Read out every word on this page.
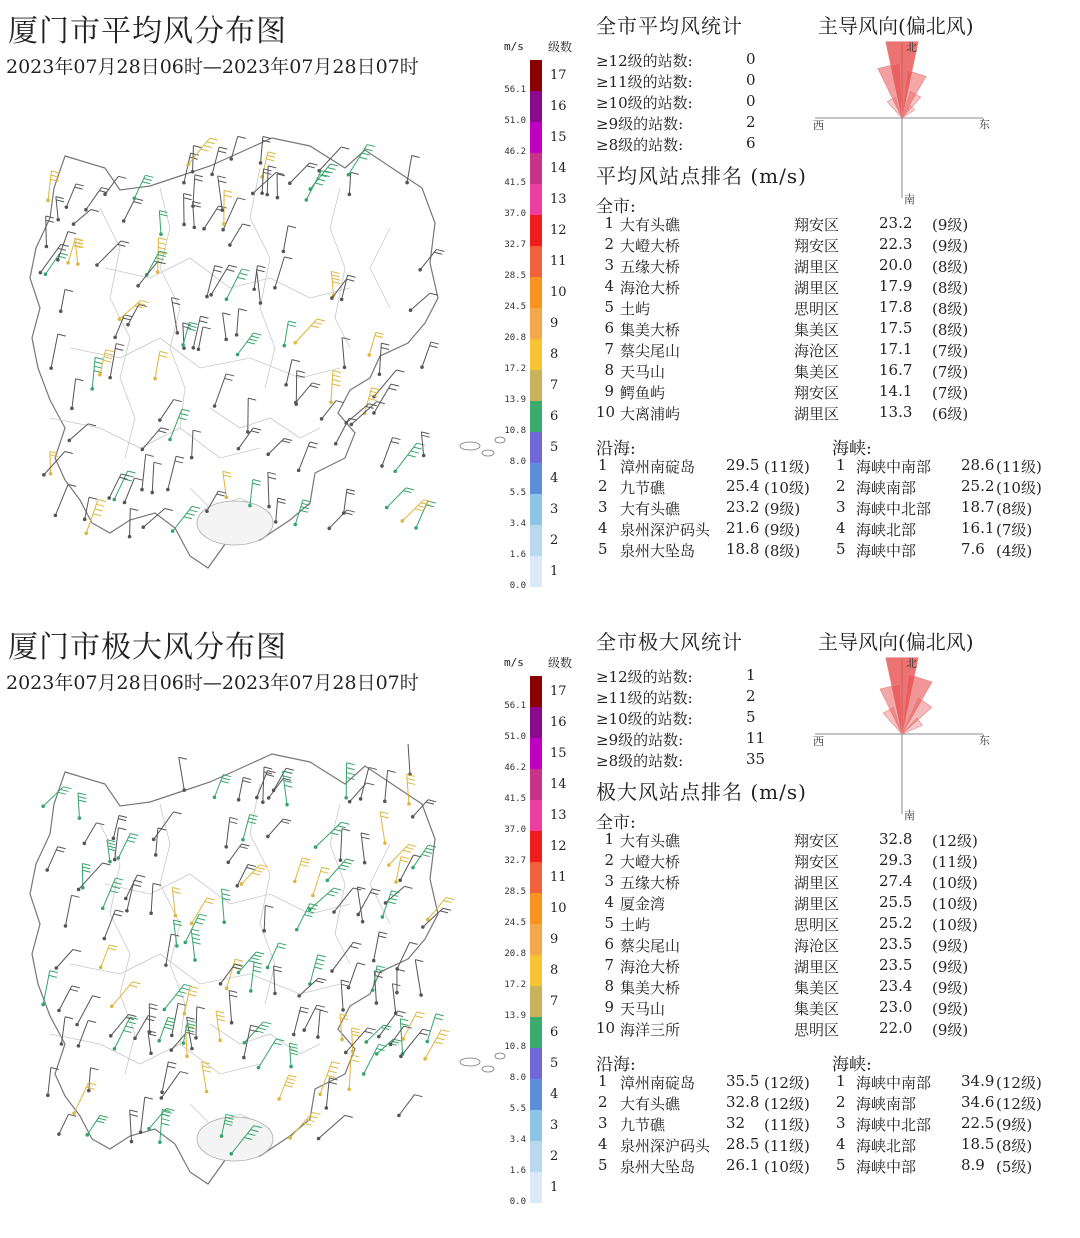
厦门市平均风分布图
2023年07月28日06时—2023年07月28日07时
m/s 级数
56.1
51.0
46.2
41.5
37.0
32.7
28.5
24.5
20.8
17.2
13.9
10.8
8.0
5.5
3.4
1.6
0.0
17
16
15
14
13
12
11
10
9
8
7
6
5
4
3
2
1
全市平均风统计
≥12级的站数:	0
≥11级的站数:	0
≥10级的站数:	0
≥9级的站数:	2
≥8级的站数:	6
主导风向(偏北风)
北
南
西	东
平均风站点排名 (m/s)
全市:
1 大有头礁	翔安区	23.2 (9级)
2 大嶝大桥	翔安区	22.3 (9级)
3 五缘大桥	湖里区	20.0 (8级)
4 海沧大桥	湖里区	17.9 (8级)
5 土屿	思明区	17.8 (8级)
6 集美大桥	集美区	17.5 (8级)
7 蔡尖尾山	海沧区	17.1 (7级)
8 天马山	集美区	16.7 (7级)
9 鳄鱼屿	翔安区	14.1 (7级)
10 大离浦屿	湖里区	13.3 (6级)
沿海:
1 漳州南碇岛 29.5 (11级)
2 九节礁	25.4 (10级)
3 大有头礁	23.2 (9级)
4 泉州深沪码头 21.6 (9级)
5 泉州大坠岛 18.8 (8级)
海峡:
1 海峡中南部 28.6 (11级)
2 海峡南部	25.2 (10级)
3 海峡中北部 18.7 (8级)
4 海峡北部	16.1 (7级)
5 海峡中部	7.6 (4级)
厦门市极大风分布图
2023年07月28日06时—2023年07月28日07时
m/s 级数
56.1
51.0
46.2
41.5
37.0
32.7
28.5
24.5
20.8
17.2
13.9
10.8
8.0
5.5
3.4
1.6
0.0
17
16
15
14
13
12
11
10
9
8
7
6
5
4
3
2
1
全市极大风统计
≥12级的站数:	1
≥11级的站数:	2
≥10级的站数:	5
≥9级的站数:	11
≥8级的站数:	35
主导风向(偏北风)
北
南
西	东
极大风站点排名 (m/s)
全市:
1 大有头礁	翔安区	32.8 (12级)
2 大嶝大桥	翔安区	29.3 (11级)
3 五缘大桥	湖里区	27.4 (10级)
4 厦金湾	湖里区	25.5 (10级)
5 土屿	思明区	25.2 (10级)
6 蔡尖尾山	海沧区	23.5 (9级)
7 海沧大桥	湖里区	23.5 (9级)
8 集美大桥	集美区	23.4 (9级)
9 天马山	集美区	23.0 (9级)
10 海洋三所	思明区	22.0 (9级)
沿海:
1 漳州南碇岛 35.5 (12级)
2 大有头礁	32.8 (12级)
3 九节礁	32 (11级)
4 泉州深沪码头 28.5 (11级)
5 泉州大坠岛 26.1 (10级)
海峡:
1 海峡中南部 34.9 (12级)
2 海峡南部	34.6 (12级)
3 海峡中北部 22.5 (9级)
4 海峡北部	18.5 (8级)
5 海峡中部	8.9 (5级)
